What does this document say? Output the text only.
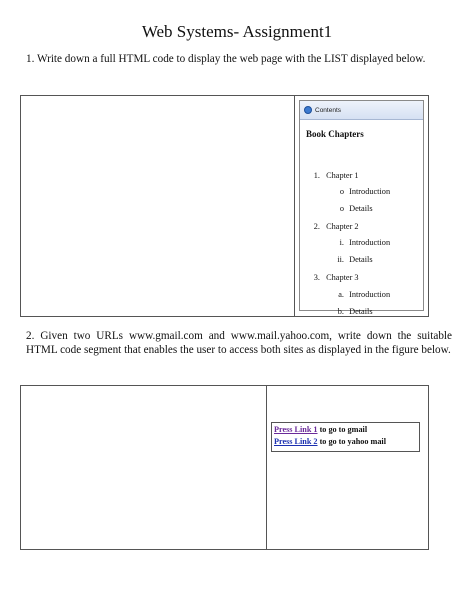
Web Systems- Assignment1
1. Write down a full HTML code to display the web page with the LIST displayed below.
Contents
Book Chapters
1. Chapter 1
o Introduction
o Details
2. Chapter 2
i. Introduction
ii. Details
3. Chapter 3
a. Introduction
b. Details
2. Given two URLs www.gmail.com and www.mail.yahoo.com, write down the suitable HTML code segment that enables the user to access both sites as displayed in the figure below.
Press Link 1 to go to gmail
Press Link 2 to go to yahoo mail
